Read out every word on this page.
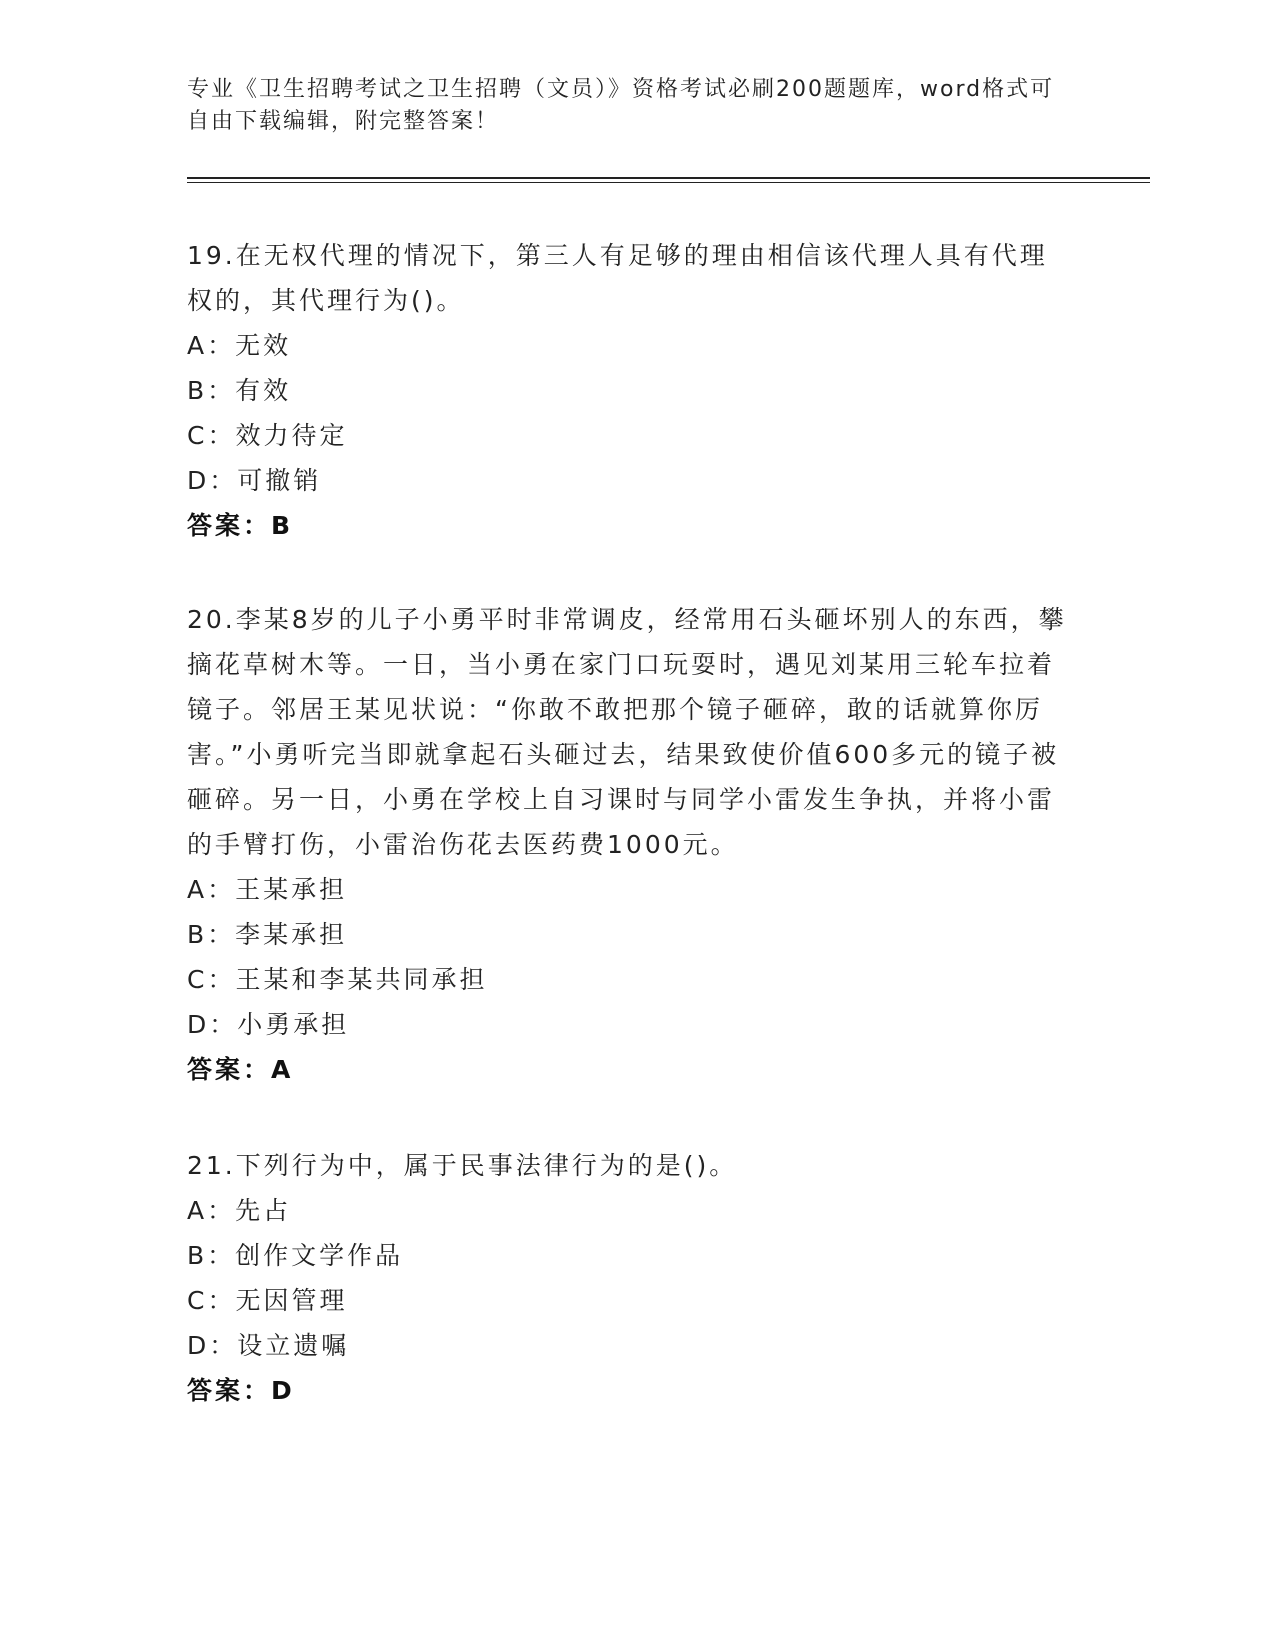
专业《卫生招聘考试之卫生招聘（文员）》资格考试必刷200题题库，word格式可自由下载编辑，附完整答案！

19.在无权代理的情况下，第三人有足够的理由相信该代理人具有代理权的，其代理行为()。

A：无效

B：有效

C：效力待定

D：可撤销

答案：B

20.李某8岁的儿子小勇平时非常调皮，经常用石头砸坏别人的东西，攀摘花草树木等。一日，当小勇在家门口玩耍时，遇见刘某用三轮车拉着镜子。邻居王某见状说：“你敢不敢把那个镜子砸碎，敢的话就算你厉害。”小勇听完当即就拿起石头砸过去，结果致使价值600多元的镜子被砸碎。另一日，小勇在学校上自习课时与同学小雷发生争执，并将小雷的手臂打伤，小雷治伤花去医药费1000元。

A：王某承担

B：李某承担

C：王某和李某共同承担

D：小勇承担

答案：A

21.下列行为中，属于民事法律行为的是()。

A：先占

B：创作文学作品

C：无因管理

D：设立遗嘱

答案：D
